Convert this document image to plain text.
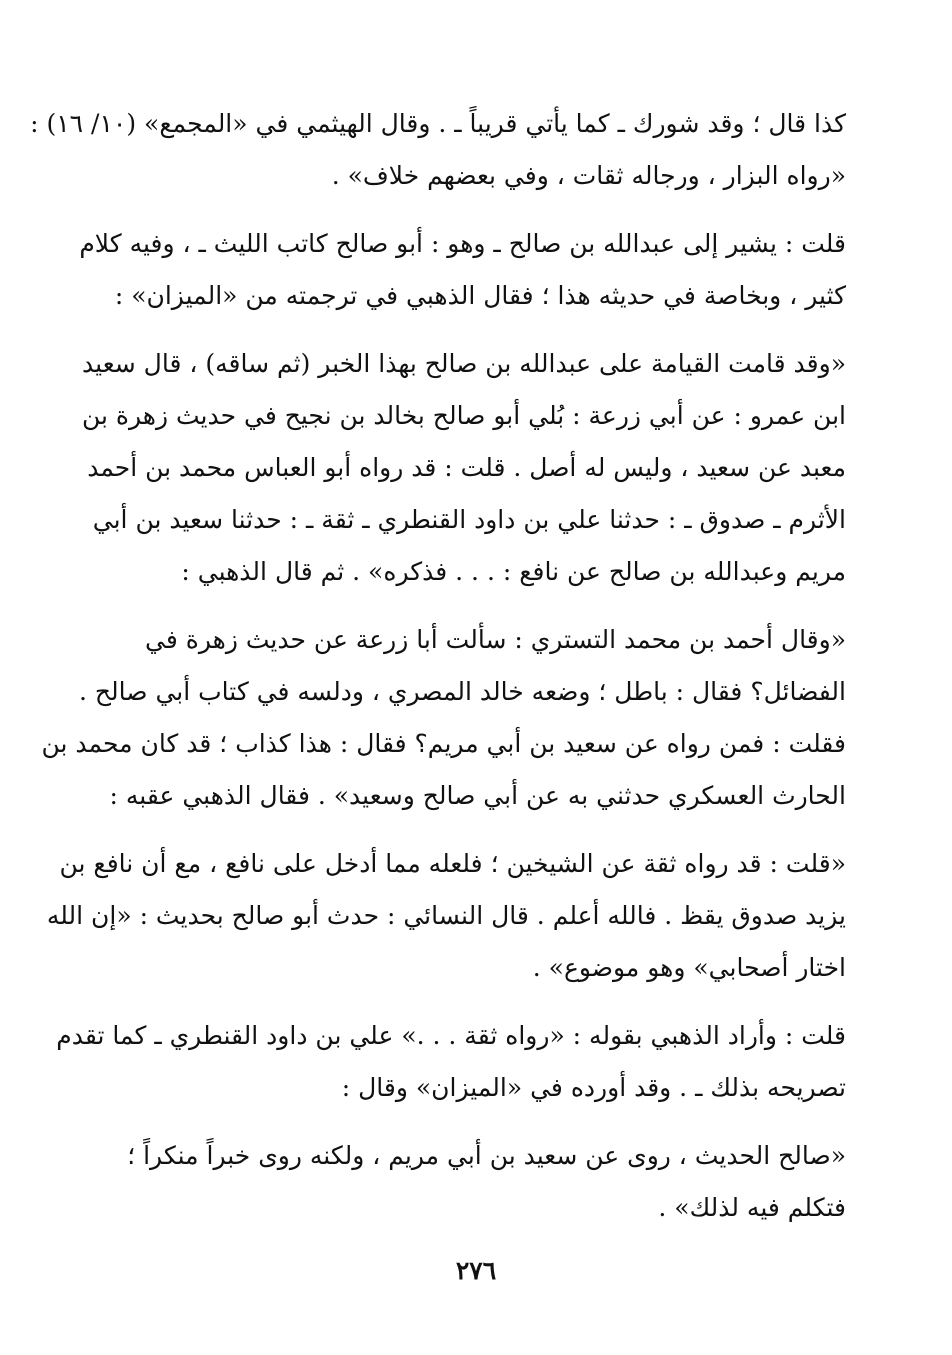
كذا قال ؛ وقد شورك ـ كما يأتي قريباً ـ . وقال الهيثمي في «المجمع» (١٠/ ١٦) :
«رواه البزار ، ورجاله ثقات ، وفي بعضهم خلاف» .
قلت : يشير إلى عبدالله بن صالح ـ وهو : أبو صالح كاتب الليث ـ ، وفيه كلام
كثير ، وبخاصة في حديثه هذا ؛ فقال الذهبي في ترجمته من «الميزان» :
«وقد قامت القيامة على عبدالله بن صالح بهذا الخبر (ثم ساقه) ، قال سعيد
ابن عمرو : عن أبي زرعة : بُلي أبو صالح بخالد بن نجيح في حديث زهرة بن
معبد عن سعيد ، وليس له أصل . قلت : قد رواه أبو العباس محمد بن أحمد
الأثرم ـ صدوق ـ : حدثنا علي بن داود القنطري ـ ثقة ـ : حدثنا سعيد بن أبي
مريم وعبدالله بن صالح عن نافع : . . . فذكره» . ثم قال الذهبي :
«وقال أحمد بن محمد التستري : سألت أبا زرعة عن حديث زهرة في
الفضائل؟ فقال : باطل ؛ وضعه خالد المصري ، ودلسه في كتاب أبي صالح .
فقلت : فمن رواه عن سعيد بن أبي مريم؟ فقال : هذا كذاب ؛ قد كان محمد بن
الحارث العسكري حدثني به عن أبي صالح وسعيد» . فقال الذهبي عقبه :
«قلت : قد رواه ثقة عن الشيخين ؛ فلعله مما أدخل على نافع ، مع أن نافع بن
يزيد صدوق يقظ . فالله أعلم . قال النسائي : حدث أبو صالح بحديث : «إن الله
اختار أصحابي» وهو موضوع» .
قلت : وأراد الذهبي بقوله : «رواه ثقة . . .» علي بن داود القنطري ـ كما تقدم
تصريحه بذلك ـ . وقد أورده في «الميزان» وقال :
«صالح الحديث ، روى عن سعيد بن أبي مريم ، ولكنه روى خبراً منكراً ؛
فتكلم فيه لذلك» .
٢٧٦
